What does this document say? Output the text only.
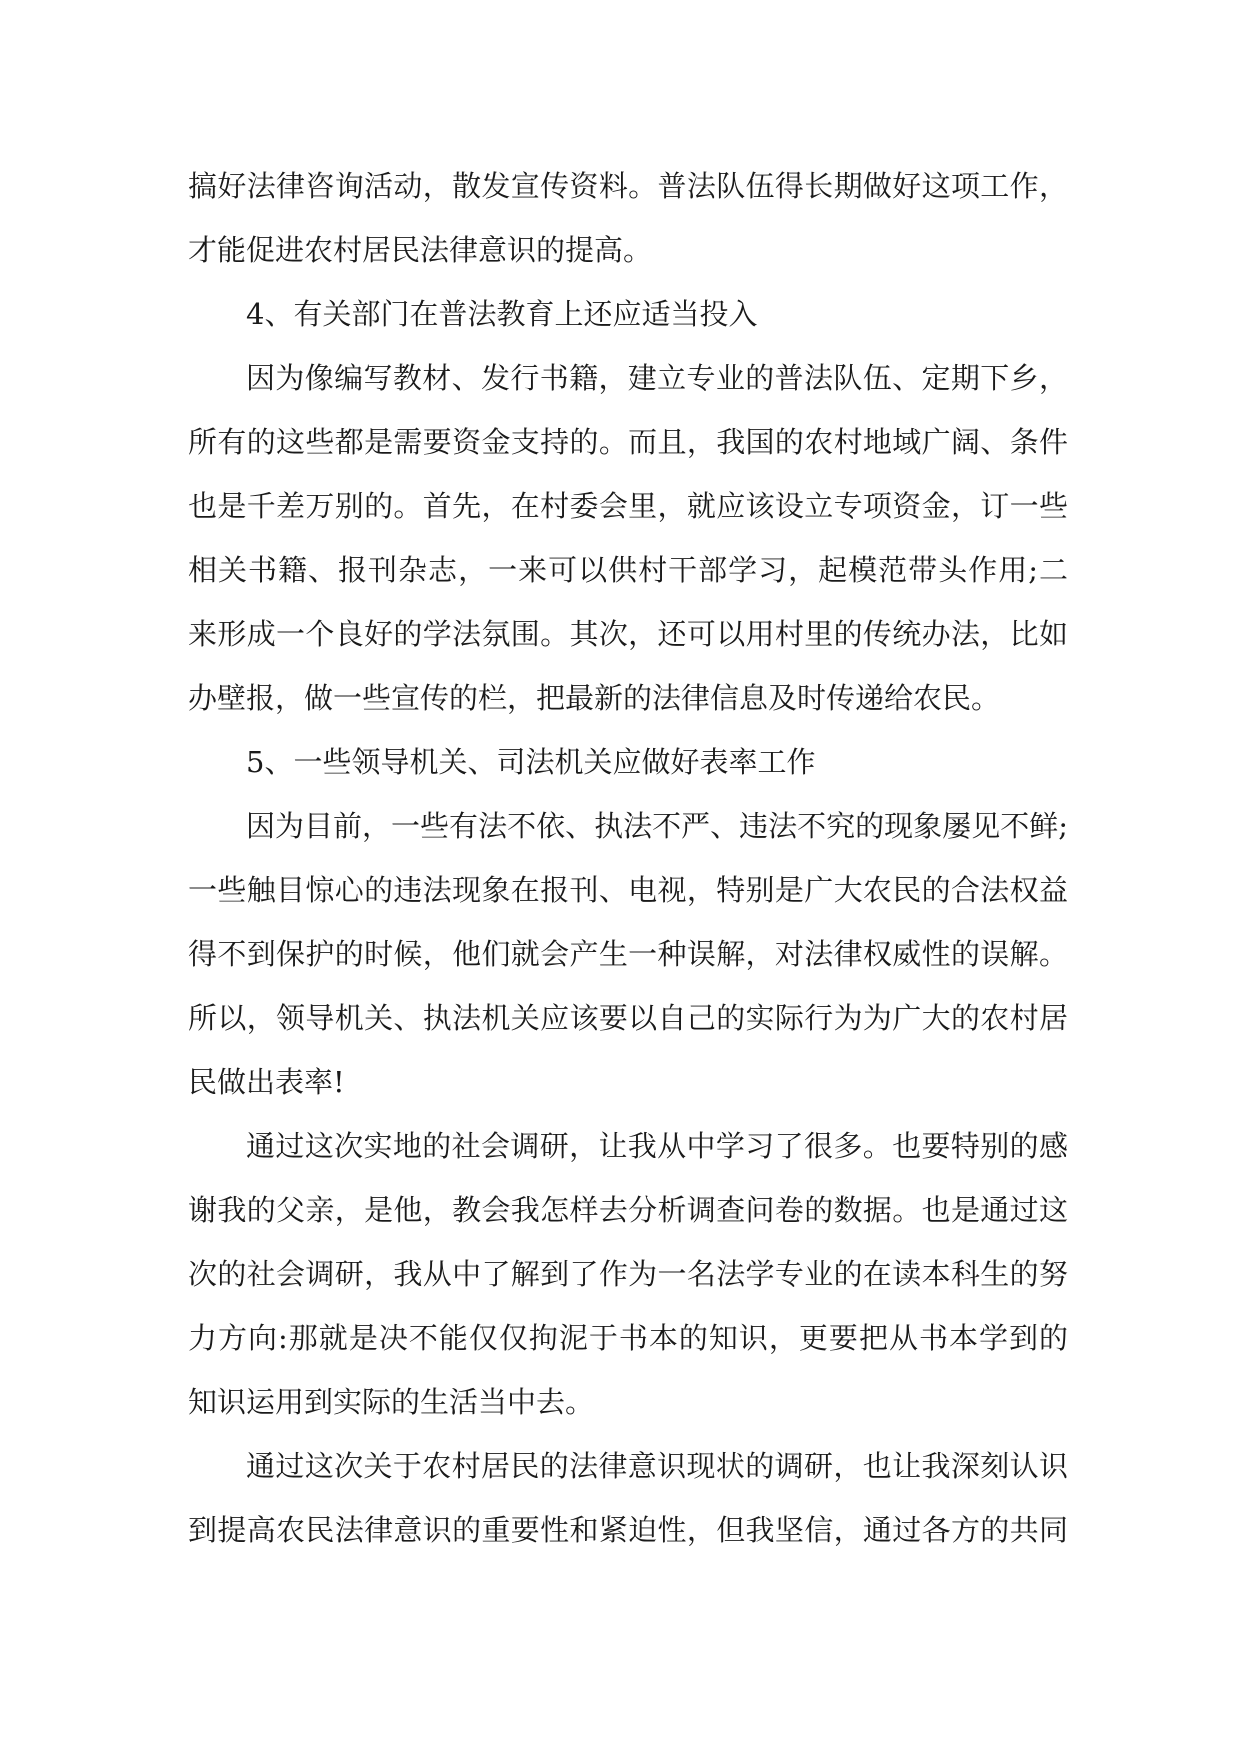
搞好法律咨询活动，散发宣传资料。普法队伍得长期做好这项工作，
才能促进农村居民法律意识的提高。
4、有关部门在普法教育上还应适当投入
因为像编写教材、发行书籍，建立专业的普法队伍、定期下乡，
所有的这些都是需要资金支持的。而且，我国的农村地域广阔、条件
也是千差万别的。首先，在村委会里，就应该设立专项资金，订一些
相关书籍、报刊杂志，一来可以供村干部学习，起模范带头作用;二
来形成一个良好的学法氛围。其次，还可以用村里的传统办法，比如
办壁报，做一些宣传的栏，把最新的法律信息及时传递给农民。
5、一些领导机关、司法机关应做好表率工作
因为目前，一些有法不依、执法不严、违法不究的现象屡见不鲜;
一些触目惊心的违法现象在报刊、电视，特别是广大农民的合法权益
得不到保护的时候，他们就会产生一种误解，对法律权威性的误解。
所以，领导机关、执法机关应该要以自己的实际行为为广大的农村居
民做出表率!
通过这次实地的社会调研，让我从中学习了很多。也要特别的感
谢我的父亲，是他，教会我怎样去分析调查问卷的数据。也是通过这
次的社会调研，我从中了解到了作为一名法学专业的在读本科生的努
力方向:那就是决不能仅仅拘泥于书本的知识，更要把从书本学到的
知识运用到实际的生活当中去。
通过这次关于农村居民的法律意识现状的调研，也让我深刻认识
到提高农民法律意识的重要性和紧迫性，但我坚信，通过各方的共同
